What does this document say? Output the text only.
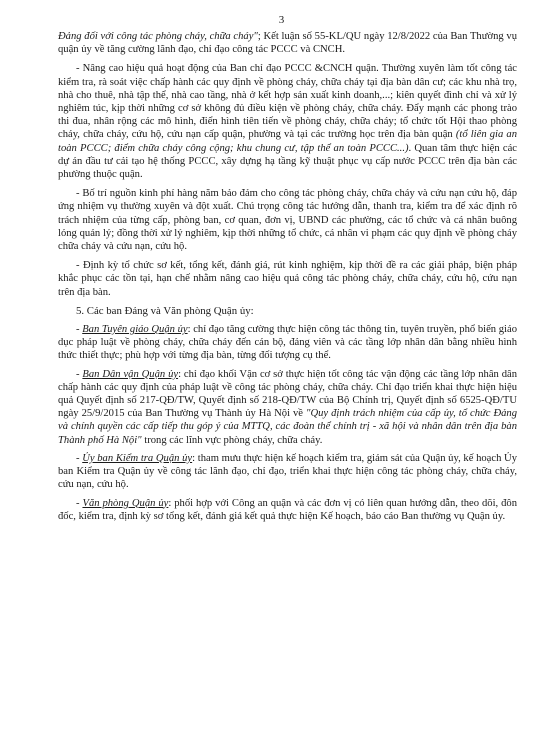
3

Đảng đối với công tác phòng cháy, chữa cháy"; Kết luận số 55-KL/QU ngày 12/8/2022 của Ban Thường vụ quận ủy về tăng cường lãnh đạo, chỉ đạo công tác PCCC và CNCH.

- Nâng cao hiệu quả hoạt động của Ban chỉ đạo PCCC &CNCH quận. Thường xuyên làm tốt công tác kiểm tra, rà soát việc chấp hành các quy định về phòng cháy, chữa cháy tại địa bàn dân cư; các khu nhà trọ, nhà cho thuê, nhà tập thể, nhà cao tầng, nhà ở kết hợp sản xuất kinh doanh,...; kiên quyết đình chỉ và xử lý nghiêm túc, kịp thời những cơ sở không đủ điều kiện về phòng cháy, chữa cháy. Đẩy mạnh các phong trào thi đua, nhân rộng các mô hình, điển hình tiên tiến về phòng cháy, chữa cháy; tổ chức tốt Hội thao phòng cháy, chữa cháy, cứu hộ, cứu nạn cấp quận, phường và tại các trường học trên địa bàn quận (tổ liên gia an toàn PCCC; điểm chữa cháy công cộng; khu chung cư, tập thể an toàn PCCC...). Quan tâm thực hiện các dự án đầu tư cải tạo hệ thống PCCC, xây dựng hạ tầng kỹ thuật phục vụ cấp nước PCCC trên địa bàn các phường thuộc quận.

- Bố trí nguồn kinh phí hàng năm bảo đảm cho công tác phòng cháy, chữa cháy và cứu nạn cứu hộ, đáp ứng nhiệm vụ thường xuyên và đột xuất. Chú trọng công tác hướng dẫn, thanh tra, kiểm tra để xác định rõ trách nhiệm của từng cấp, phòng ban, cơ quan, đơn vị, UBND các phường, các tổ chức và cá nhân buông lỏng quản lý; đồng thời xử lý nghiêm, kịp thời những tổ chức, cá nhân vi phạm các quy định về phòng cháy chữa cháy và cứu nạn, cứu hộ.

- Định kỳ tổ chức sơ kết, tổng kết, đánh giá, rút kinh nghiệm, kịp thời đề ra các giải pháp, biện pháp khắc phục các tồn tại, hạn chế nhằm nâng cao hiệu quả công tác phòng cháy, chữa cháy, cứu hộ, cứu nạn trên địa bàn.

5. Các ban Đảng và Văn phòng Quận ủy:

- Ban Tuyên giáo Quận ủy: chỉ đạo tăng cường thực hiện công tác thông tin, tuyên truyền, phổ biến giáo dục pháp luật về phòng cháy, chữa cháy đến cán bộ, đảng viên và các tầng lớp nhân dân bằng nhiều hình thức thiết thực; phù hợp với từng địa bàn, từng đối tượng cụ thể.

- Ban Dân vận Quận ủy: chỉ đạo khối Vận cơ sở thực hiện tốt công tác vận động các tầng lớp nhân dân chấp hành các quy định của pháp luật về công tác phòng cháy, chữa cháy. Chỉ đạo triển khai thực hiện hiệu quả Quyết định số 217-QĐ/TW, Quyết định số 218-QĐ/TW của Bộ Chính trị, Quyết định số 6525-QĐ/TU ngày 25/9/2015 của Ban Thường vụ Thành ủy Hà Nội về "Quy định trách nhiệm của cấp ủy, tổ chức Đảng và chính quyền các cấp tiếp thu góp ý của MTTQ, các đoàn thể chính trị - xã hội và nhân dân trên địa bàn Thành phố Hà Nội" trong các lĩnh vực phòng cháy, chữa cháy.

- Ủy ban Kiểm tra Quận ủy: tham mưu thực hiện kế hoạch kiểm tra, giám sát của Quận ủy, kế hoạch Ủy ban Kiểm tra Quận ủy về công tác lãnh đạo, chỉ đạo, triển khai thực hiện công tác phòng cháy, chữa cháy, cứu nạn, cứu hộ.

- Văn phòng Quận ủy: phối hợp với Công an quận và các đơn vị có liên quan hướng dẫn, theo dõi, đôn đốc, kiểm tra, định kỳ sơ tổng kết, đánh giá kết quả thực hiện Kế hoạch, báo cáo Ban thường vụ Quận ủy.
